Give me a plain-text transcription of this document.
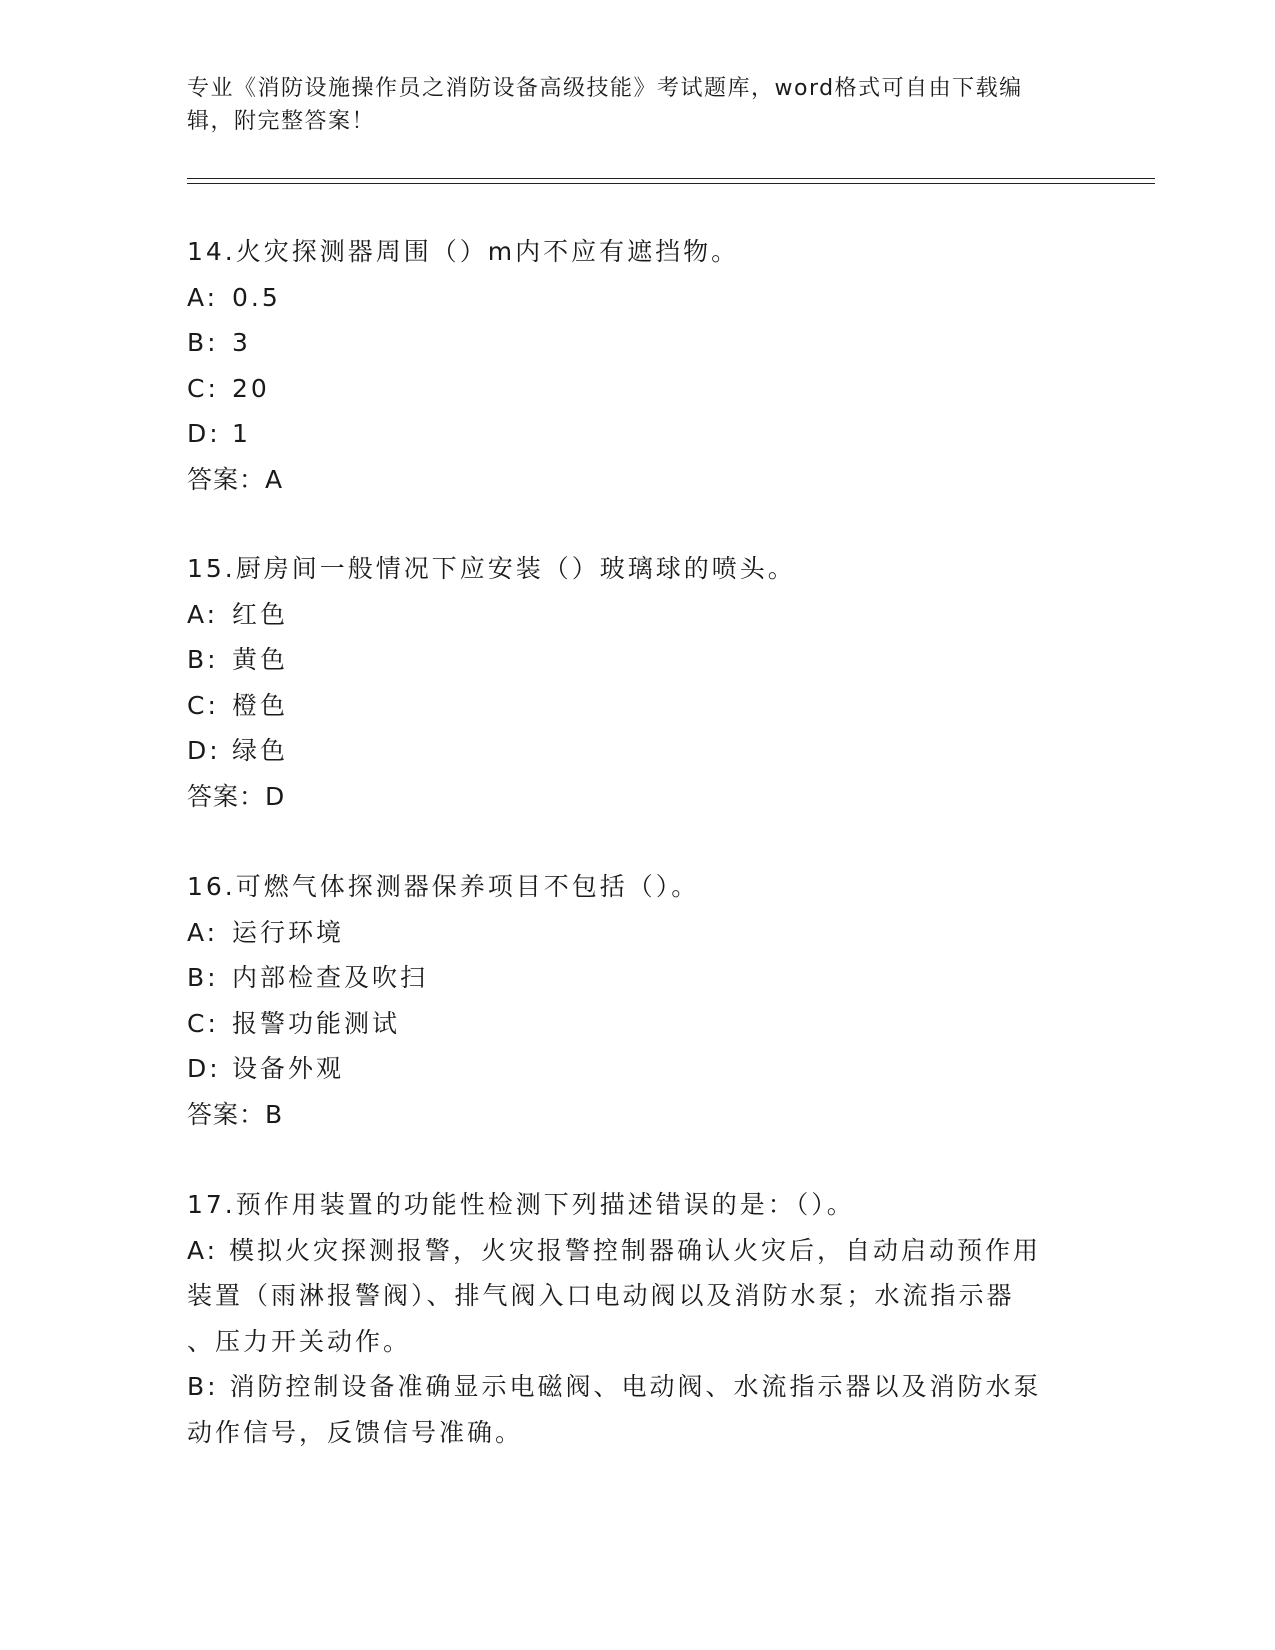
专业《消防设施操作员之消防设备高级技能》考试题库，word格式可自由下载编
辑，附完整答案！
14.火灾探测器周围（）m内不应有遮挡物。
A: 0.5
B: 3
C: 20
D: 1
答案：A
15.厨房间一般情况下应安装（）玻璃球的喷头。
A: 红色
B: 黄色
C: 橙色
D: 绿色
答案：D
16.可燃气体探测器保养项目不包括（）。
A: 运行环境
B: 内部检查及吹扫
C: 报警功能测试
D: 设备外观
答案：B
17.预作用装置的功能性检测下列描述错误的是：（）。
A: 模拟火灾探测报警，火灾报警控制器确认火灾后，自动启动预作用
装置（雨淋报警阀）、排气阀入口电动阀以及消防水泵；水流指示器
、压力开关动作。
B: 消防控制设备准确显示电磁阀、电动阀、水流指示器以及消防水泵
动作信号，反馈信号准确。
